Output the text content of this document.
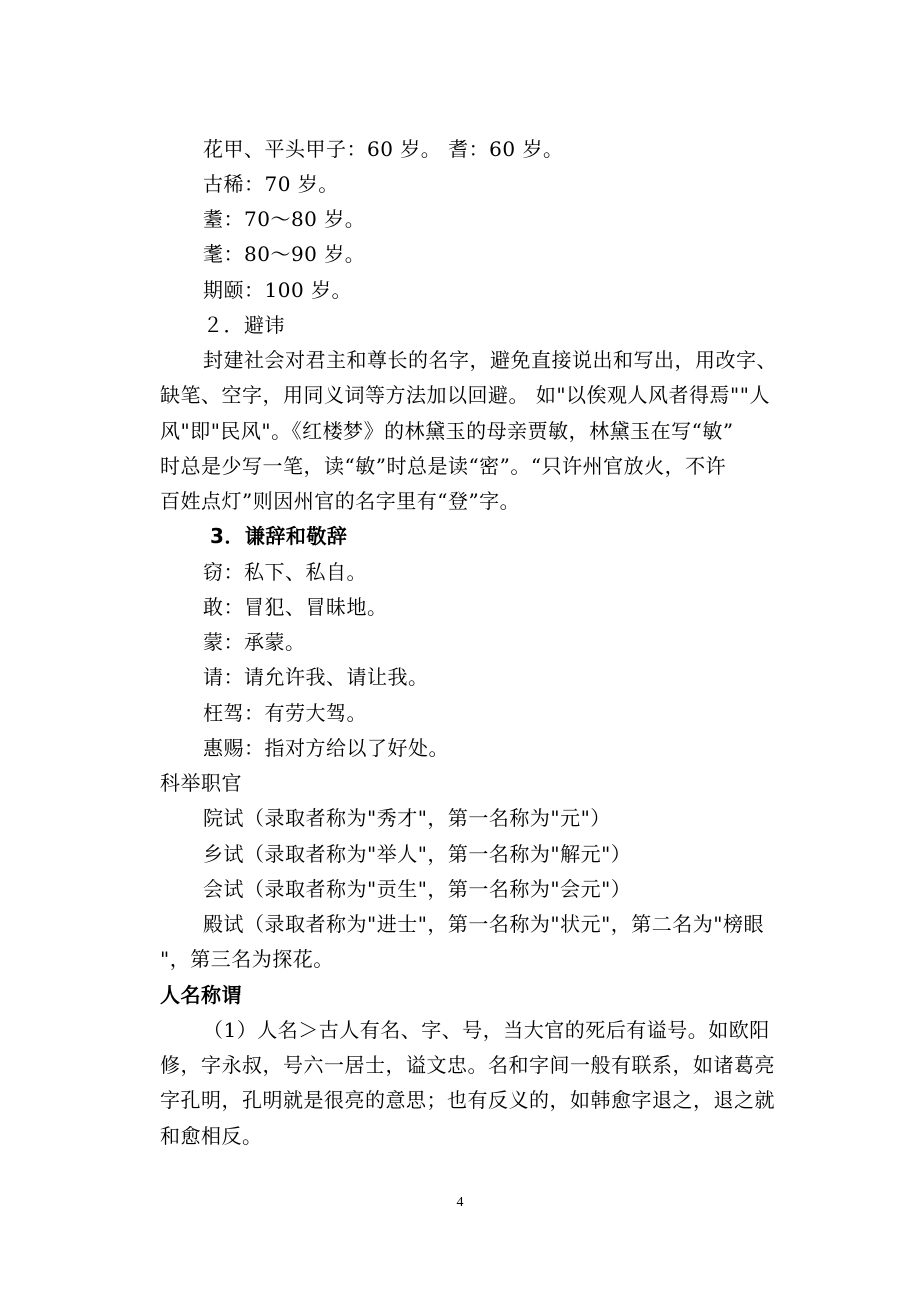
花甲、平头甲子：60 岁。 耆：60 岁。
古稀：70 岁。
耋：70～80 岁。
耄：80～90 岁。
期颐：100 岁。
２．避讳
封建社会对君主和尊长的名字，避免直接说出和写出，用改字、
缺笔、空字，用同义词等方法加以回避。 如"以俟观人风者得焉""人
风"即"民风"。《红楼梦》的林黛玉的母亲贾敏，林黛玉在写“敏”
时总是少写一笔，读“敏”时总是读“密”。“只许州官放火，不许
百姓点灯”则因州官的名字里有“登”字。
3．谦辞和敬辞
窃：私下、私自。
敢：冒犯、冒昧地。
蒙：承蒙。
请：请允许我、请让我。
枉驾：有劳大驾。
惠赐：指对方给以了好处。
科举职官
院试（录取者称为"秀才"，第一名称为"元"）
乡试（录取者称为"举人"，第一名称为"解元"）
会试（录取者称为"贡生"，第一名称为"会元"）
殿试（录取者称为"进士"，第一名称为"状元"，第二名为"榜眼
"，第三名为探花。
人名称谓
（1）人名＞古人有名、字、号，当大官的死后有谥号。如欧阳
修，字永叔，号六一居士，谥文忠。名和字间一般有联系，如诸葛亮
字孔明，孔明就是很亮的意思；也有反义的，如韩愈字退之，退之就
和愈相反。
4
